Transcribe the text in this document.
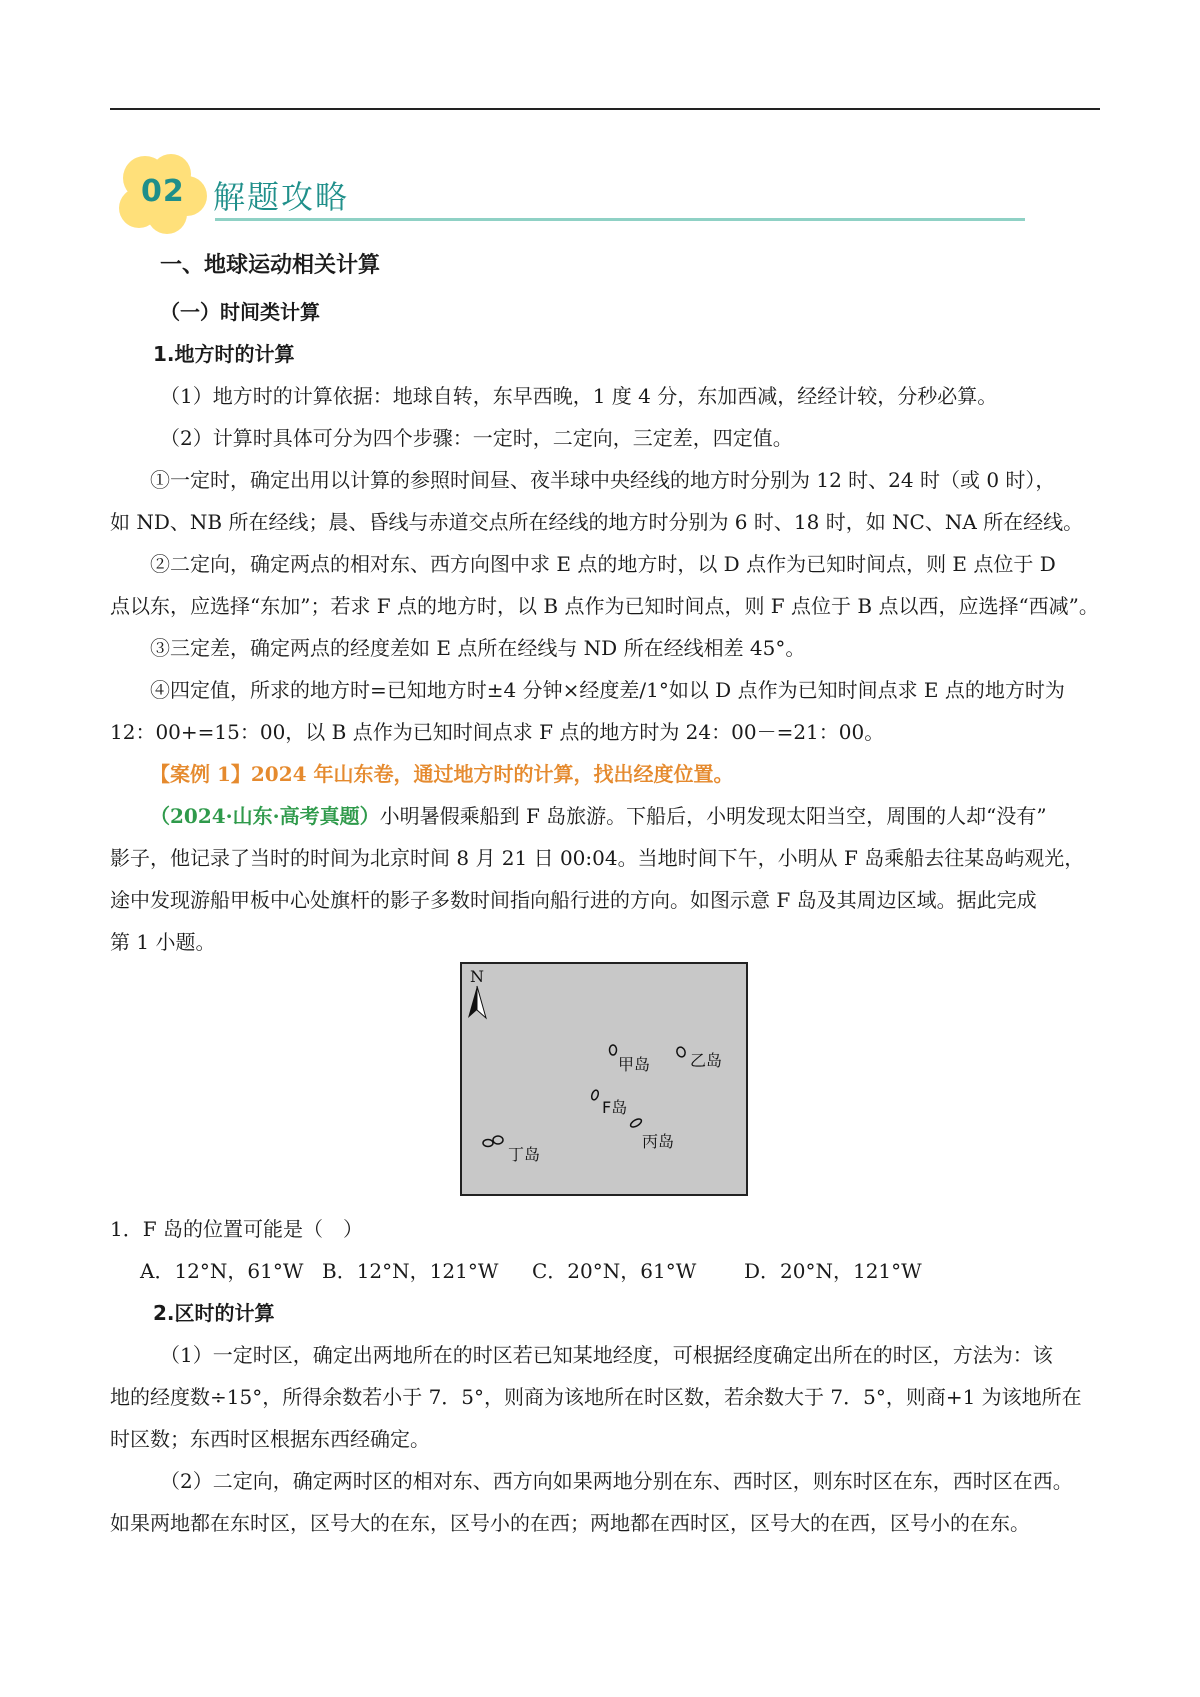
02 解题攻略
一、地球运动相关计算
（一）时间类计算
1.地方时的计算
（1）地方时的计算依据：地球自转，东早西晚，1 度 4 分，东加西减，经经计较，分秒必算。
（2）计算时具体可分为四个步骤：一定时，二定向，三定差，四定值。
①一定时，确定出用以计算的参照时间昼、夜半球中央经线的地方时分别为 12 时、24 时（或 0 时），
如 ND、NB 所在经线；晨、昏线与赤道交点所在经线的地方时分别为 6 时、18 时，如 NC、NA 所在经线。
②二定向，确定两点的相对东、西方向图中求 E 点的地方时，以 D 点作为已知时间点，则 E 点位于 D
点以东，应选择“东加”；若求 F 点的地方时，以 B 点作为已知时间点，则 F 点位于 B 点以西，应选择“西减”。
③三定差，确定两点的经度差如 E 点所在经线与 ND 所在经线相差 45°。
④四定值，所求的地方时=已知地方时±4 分钟×经度差/1°如以 D 点作为已知时间点求 E 点的地方时为
12：00+=15：00，以 B 点作为已知时间点求 F 点的地方时为 24：00－=21：00。
【案例 1】2024 年山东卷，通过地方时的计算，找出经度位置。
（2024·山东·高考真题）小明暑假乘船到 F 岛旅游。下船后，小明发现太阳当空，周围的人却“没有”
影子，他记录了当时的时间为北京时间 8 月 21 日 00:04。当地时间下午，小明从 F 岛乘船去往某岛屿观光，
途中发现游船甲板中心处旗杆的影子多数时间指向船行进的方向。如图示意 F 岛及其周边区域。据此完成
第 1 小题。
N
甲岛 乙岛
F岛
丙岛
丁岛
1．F 岛的位置可能是（　）
A．12°N，61°W B．12°N，121°W C．20°N，61°W D．20°N，121°W
2.区时的计算
（1）一定时区，确定出两地所在的时区若已知某地经度，可根据经度确定出所在的时区，方法为：该
地的经度数÷15°，所得余数若小于 7．5°，则商为该地所在时区数，若余数大于 7．5°，则商+1 为该地所在
时区数；东西时区根据东西经确定。
（2）二定向，确定两时区的相对东、西方向如果两地分别在东、西时区，则东时区在东，西时区在西。
如果两地都在东时区，区号大的在东，区号小的在西；两地都在西时区，区号大的在西，区号小的在东。
